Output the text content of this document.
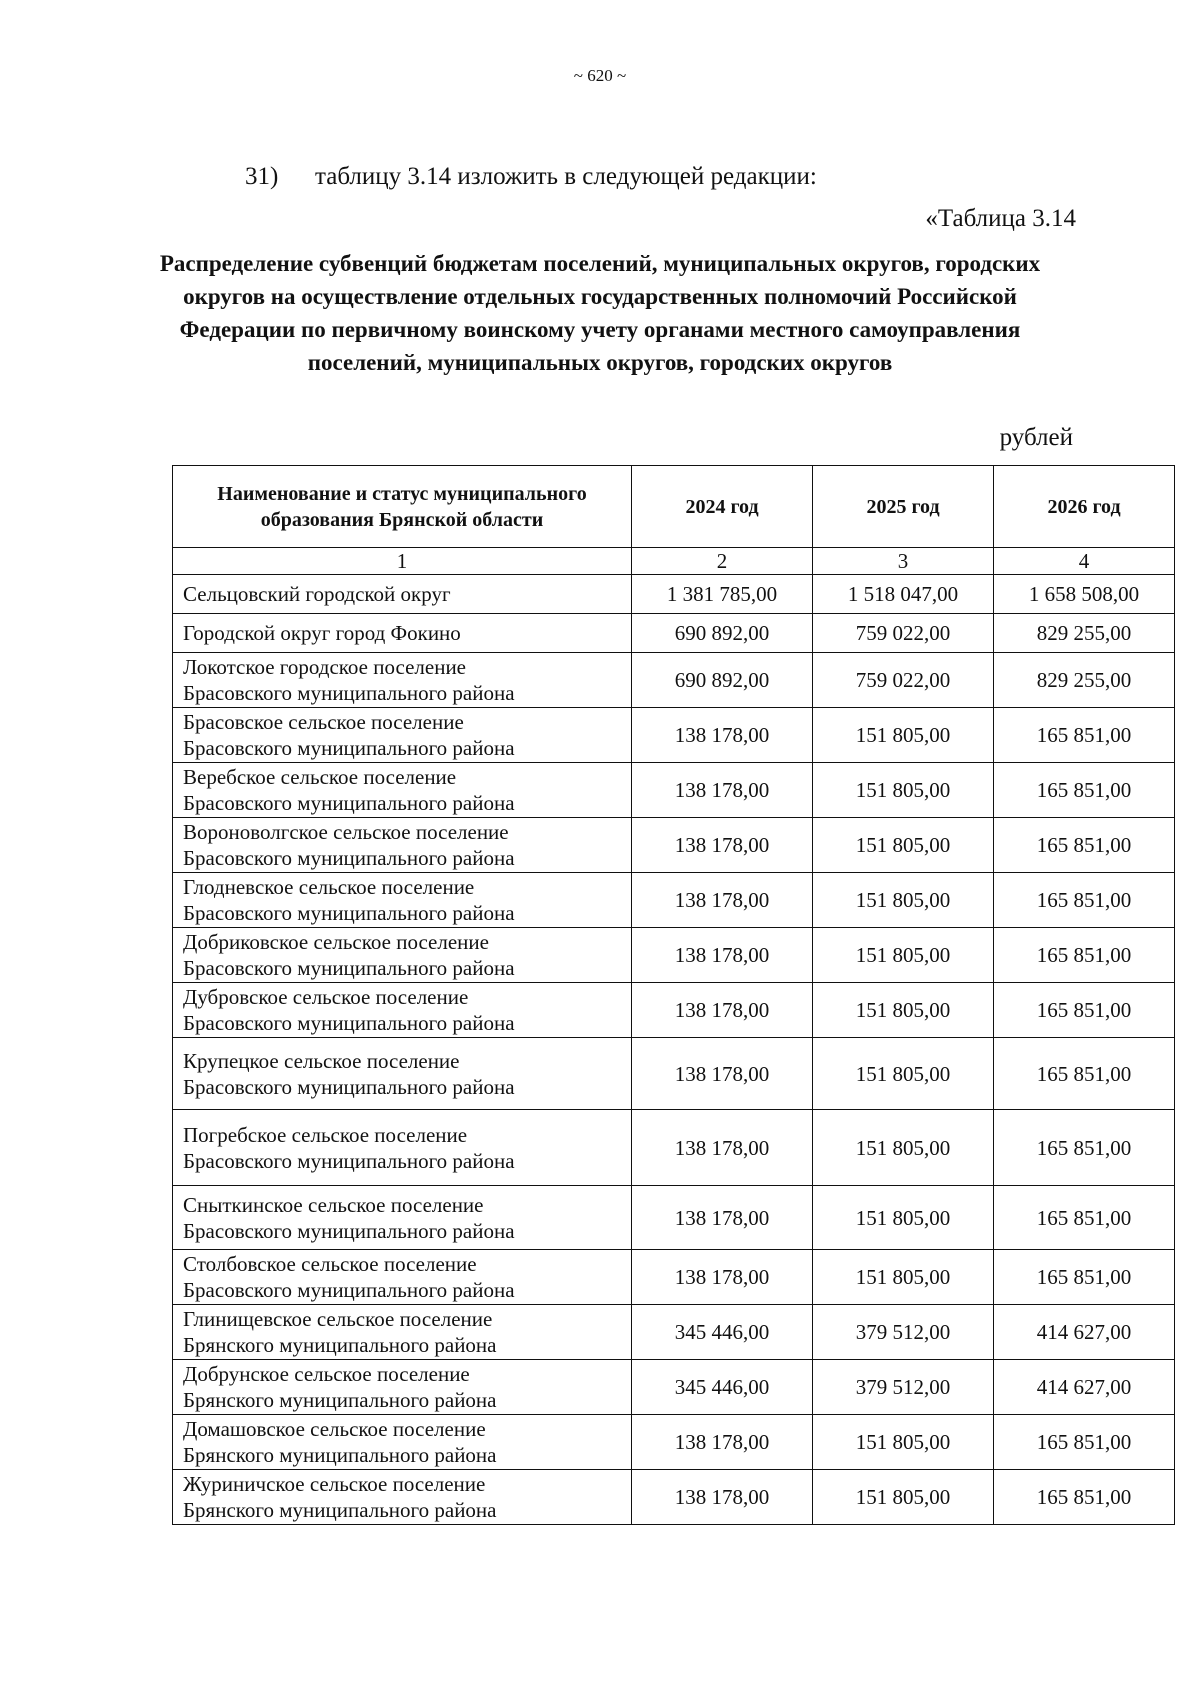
~ 620 ~
31) таблицу 3.14 изложить в следующей редакции:
«Таблица 3.14
Распределение субвенций бюджетам поселений, муниципальных округов, городских округов на осуществление отдельных государственных полномочий Российской Федерации по первичному воинскому учету органами местного самоуправления поселений, муниципальных округов, городских округов
рублей
Наименование и статус муниципального образования Брянской области	2024 год	2025 год	2026 год
1	2	3	4

Сельцовский городской округ	1 381 785,00	1 518 047,00	1 658 508,00

Городской округ город Фокино	690 892,00	759 022,00	829 255,00

Локотское городское поселение
Брасовского муниципального района	690 892,00	759 022,00	829 255,00

Брасовское сельское поселение
Брасовского муниципального района	138 178,00	151 805,00	165 851,00

Веребское сельское поселение
Брасовского муниципального района	138 178,00	151 805,00	165 851,00

Вороноволгское сельское поселение
Брасовского муниципального района	138 178,00	151 805,00	165 851,00

Глодневское сельское поселение
Брасовского муниципального района	138 178,00	151 805,00	165 851,00

Добриковское сельское поселение
Брасовского муниципального района	138 178,00	151 805,00	165 851,00

Дубровское сельское поселение
Брасовского муниципального района	138 178,00	151 805,00	165 851,00

Крупецкое сельское поселение
Брасовского муниципального района	138 178,00	151 805,00	165 851,00

Погребское сельское поселение
Брасовского муниципального района	138 178,00	151 805,00	165 851,00

Сныткинское сельское поселение
Брасовского муниципального района	138 178,00	151 805,00	165 851,00

Столбовское сельское поселение
Брасовского муниципального района	138 178,00	151 805,00	165 851,00

Глинищевское сельское поселение
Брянского муниципального района	345 446,00	379 512,00	414 627,00

Добрунское сельское поселение
Брянского муниципального района	345 446,00	379 512,00	414 627,00

Домашовское сельское поселение
Брянского муниципального района	138 178,00	151 805,00	165 851,00

Журиничское сельское поселение
Брянского муниципального района	138 178,00	151 805,00	165 851,00
